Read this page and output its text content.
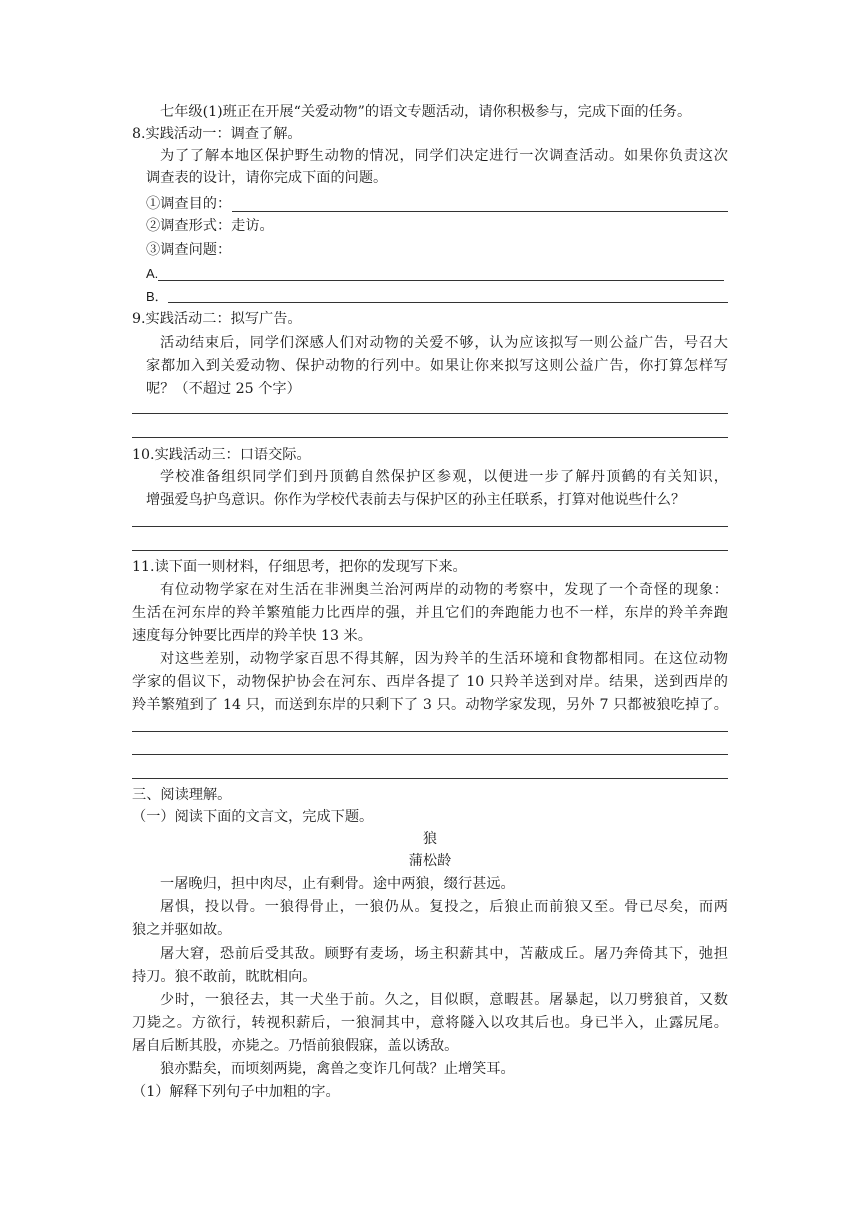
七年级(1)班正在开展“关爱动物”的语文专题活动，请你积极参与，完成下面的任务。
8.实践活动一：调查了解。
为了了解本地区保护野生动物的情况，同学们决定进行一次调查活动。如果你负责这次
调查表的设计，请你完成下面的问题。
①调查目的：
②调查形式：走访。
③调查问题：
A.
B．
9.实践活动二：拟写广告。
活动结束后，同学们深感人们对动物的关爱不够，认为应该拟写一则公益广告，号召大
家都加入到关爱动物、保护动物的行列中。如果让你来拟写这则公益广告，你打算怎样写
呢？（不超过 25 个字）
10.实践活动三：口语交际。
学校准备组织同学们到丹顶鹤自然保护区参观，以便进一步了解丹顶鹤的有关知识，
增强爱鸟护鸟意识。你作为学校代表前去与保护区的孙主任联系，打算对他说些什么？
11.读下面一则材料，仔细思考，把你的发现写下来。
有位动物学家在对生活在非洲奥兰治河两岸的动物的考察中，发现了一个奇怪的现象：
生活在河东岸的羚羊繁殖能力比西岸的强，并且它们的奔跑能力也不一样，东岸的羚羊奔跑
速度每分钟要比西岸的羚羊快 13 米。
对这些差别，动物学家百思不得其解，因为羚羊的生活环境和食物都相同。在这位动物
学家的倡议下，动物保护协会在河东、西岸各提了 10 只羚羊送到对岸。结果，送到西岸的
羚羊繁殖到了 14 只，而送到东岸的只剩下了 3 只。动物学家发现，另外 7 只都被狼吃掉了。
三、阅读理解。
（一）阅读下面的文言文，完成下题。
狼
蒲松龄
一屠晚归，担中肉尽，止有剩骨。途中两狼，缀行甚远。
屠惧，投以骨。一狼得骨止，一狼仍从。复投之，后狼止而前狼又至。骨已尽矣，而两
狼之并驱如故。
屠大窘，恐前后受其敌。顾野有麦场，场主积薪其中，苫蔽成丘。屠乃奔倚其下，弛担
持刀。狼不敢前，眈眈相向。
少时，一狼径去，其一犬坐于前。久之，目似瞑，意暇甚。屠暴起，以刀劈狼首，又数
刀毙之。方欲行，转视积薪后，一狼洞其中，意将隧入以攻其后也。身已半入，止露尻尾。
屠自后断其股，亦毙之。乃悟前狼假寐，盖以诱敌。
狼亦黠矣，而顷刻两毙，禽兽之变诈几何哉？止增笑耳。
（1）解释下列句子中加粗的字。
